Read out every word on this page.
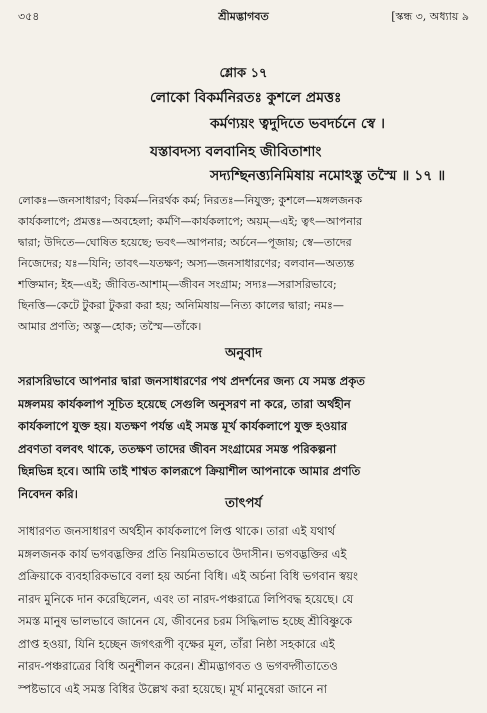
৩৫৪	শ্রীমদ্ভাগবত	[স্কন্ধ ৩, অধ্যায় ৯
শ্লোক ১৭
লোকো বিকর্মনিরতঃ কুশলে প্রমত্তঃ
কর্মণ্যয়ং ত্বদুদিতে ভবদর্চনে স্বে ।
যস্তাবদস্য বলবানিহ জীবিতাশাং
সদ্যশ্ছিনত্ত্যনিমিষায় নমোঽস্তু তস্মৈ ॥ ১৭ ॥
লোকঃ—জনসাধারণ; বিকর্ম—নিরর্থক কর্ম; নিরতঃ—নিযুক্ত; কুশলে—মঙ্গলজনক
কার্যকলাপে; প্রমত্তঃ—অবহেলা; কর্মণি—কার্যকলাপে; অয়ম্—এই; ত্বৎ—আপনার
দ্বারা; উদিতে—ঘোষিত হয়েছে; ভবৎ—আপনার; অর্চনে—পূজায়; স্বে—তাদের
নিজেদের; যঃ—যিনি; তাবৎ—যতক্ষণ; অস্য—জনসাধারণের; বলবান—অত্যন্ত
শক্তিমান; ইহ—এই; জীবিত-আশাম্—জীবন সংগ্রাম; সদ্যঃ—সরাসরিভাবে;
ছিনত্তি—কেটে টুকরা টুকরা করা হয়; অনিমিষায়—নিত্য কালের দ্বারা; নমঃ—
আমার প্রণতি; অস্তু—হোক; তস্মৈ—তাঁকে।
অনুবাদ
সরাসরিভাবে আপনার দ্বারা জনসাধারণের পথ প্রদর্শনের জন্য যে সমস্ত প্রকৃত
মঙ্গলময় কার্যকলাপ সূচিত হয়েছে সেগুলি অনুসরণ না করে, তারা অর্থহীন
কার্যকলাপে যুক্ত হয়। যতক্ষণ পর্যন্ত এই সমস্ত মূর্খ কার্যকলাপে যুক্ত হওয়ার
প্রবণতা বলবৎ থাকে, ততক্ষণ তাদের জীবন সংগ্রামের সমস্ত পরিকল্পনা
ছিন্নভিন্ন হবে। আমি তাই শাশ্বত কালরূপে ক্রিয়াশীল আপনাকে আমার প্রণতি
নিবেদন করি।
তাৎপর্য
সাধারণত জনসাধারণ অর্থহীন কার্যকলাপে লিপ্ত থাকে। তারা এই যথার্থ
মঙ্গলজনক কার্য ভগবদ্ভক্তির প্রতি নিয়মিতভাবে উদাসীন। ভগবদ্ভক্তির এই
প্রক্রিয়াকে ব্যবহারিকভাবে বলা হয় অর্চনা বিধি। এই অর্চনা বিধি ভগবান স্বয়ং
নারদ মুনিকে দান করেছিলেন, এবং তা নারদ-পঞ্চরাত্রে লিপিবদ্ধ হয়েছে। যে
সমস্ত মানুষ ভালভাবে জানেন যে, জীবনের চরম সিদ্ধিলাভ হচ্ছে শ্রীবিষ্ণুকে
প্রাপ্ত হওয়া, যিনি হচ্ছেন জগৎরূপী বৃক্ষের মূল, তাঁরা নিষ্ঠা সহকারে এই
নারদ-পঞ্চরাত্রের বিধি অনুশীলন করেন। শ্রীমদ্ভাগবত ও ভগবদ্গীতাতেও
স্পষ্টভাবে এই সমস্ত বিধির উল্লেখ করা হয়েছে। মূর্খ মানুষেরা জানে না
